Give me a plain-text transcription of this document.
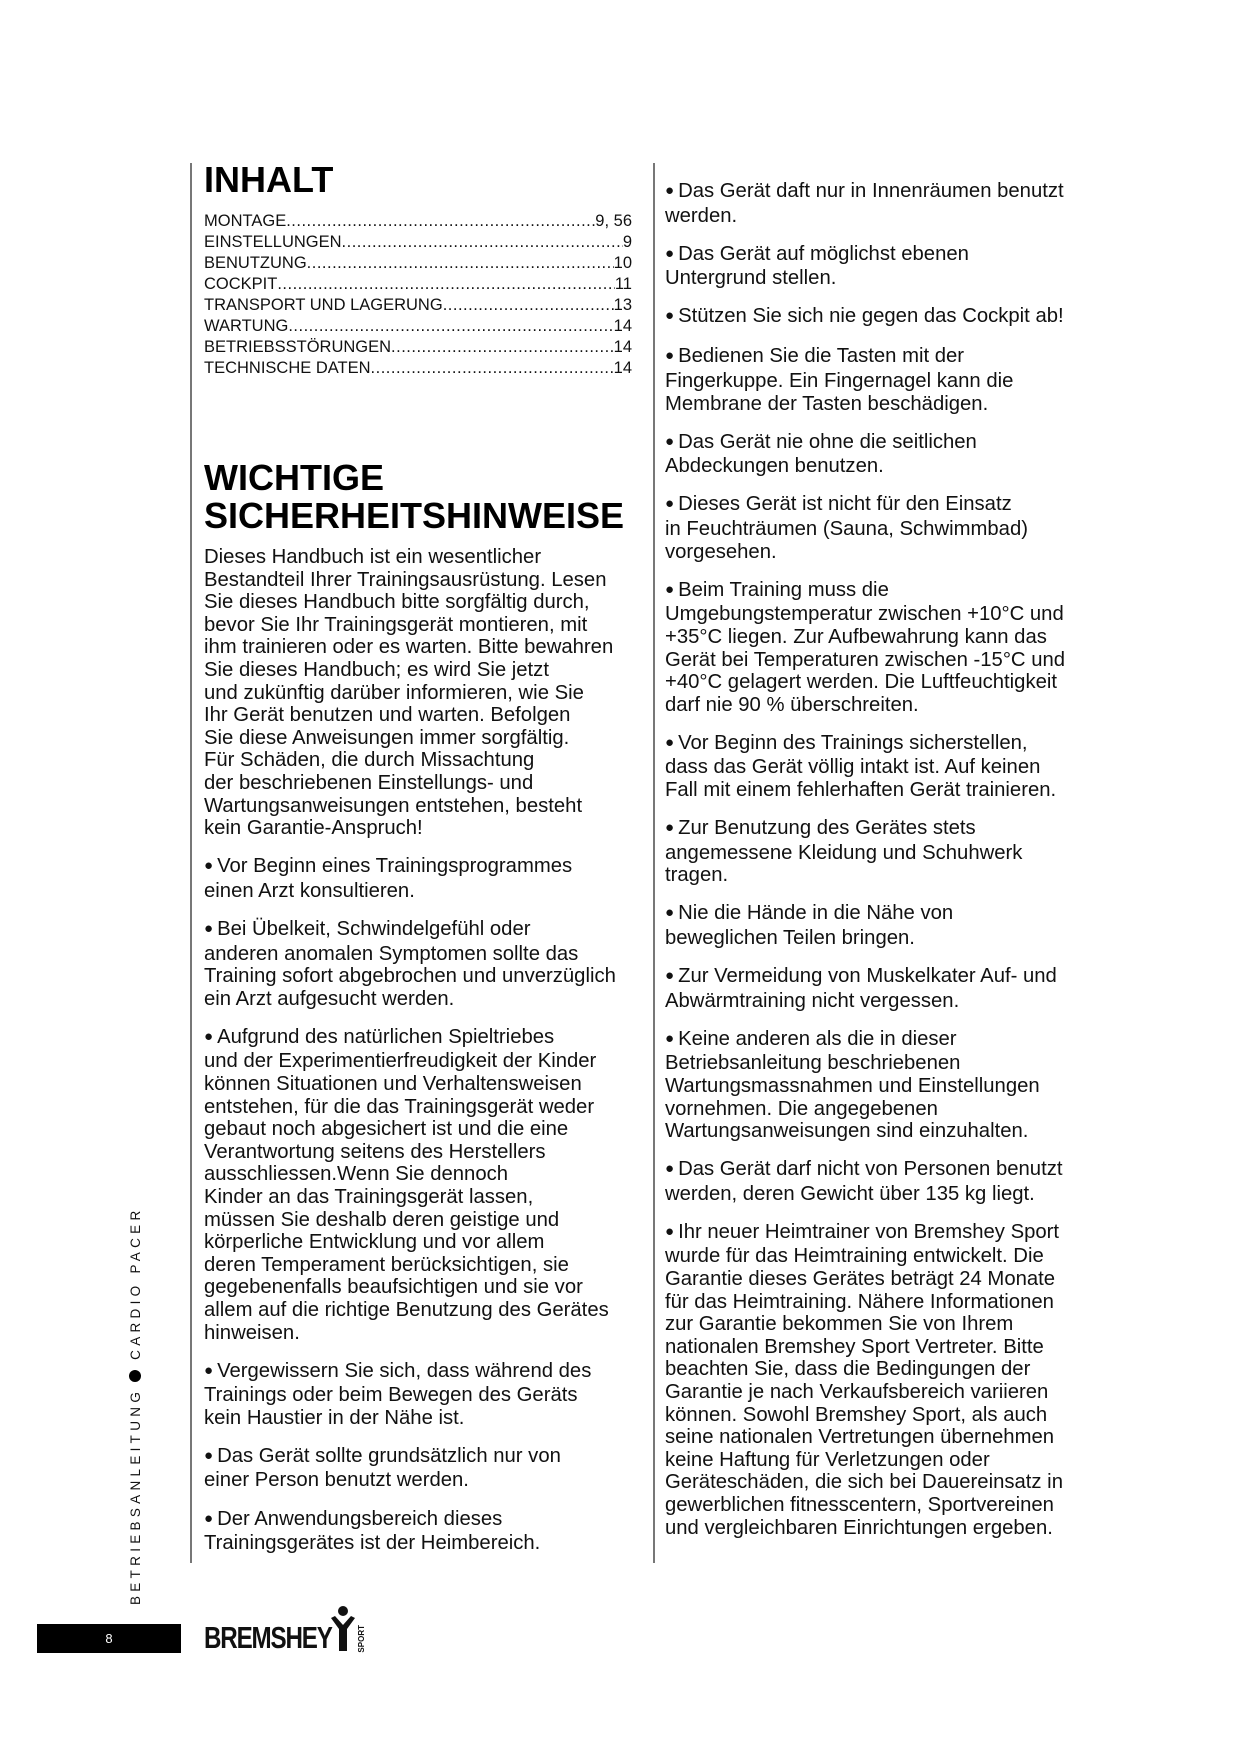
INHALT
MONTAGE .....	9, 56
EINSTELLUNGEN .....	9
BENUTZUNG .....	10
COCKPIT .....	11
TRANSPORT UND LAGERUNG .....	13
WARTUNG .....	14
BETRIEBSSTÖRUNGEN .....	14
TECHNISCHE DATEN .....	14
WICHTIGE
SICHERHEITSHINWEISE

Dieses Handbuch ist ein wesentlicher
Bestandteil Ihrer Trainingsausrüstung. Lesen
Sie dieses Handbuch bitte sorgfältig durch,
bevor Sie Ihr Trainingsgerät montieren, mit
ihm trainieren oder es warten. Bitte bewahren
Sie dieses Handbuch; es wird Sie jetzt
und zukünftig darüber informieren, wie Sie
Ihr Gerät benutzen und warten. Befolgen
Sie diese Anweisungen immer sorgfältig.
Für Schäden, die durch Missachtung
der beschriebenen Einstellungs- und
Wartungsanweisungen entstehen, besteht
kein Garantie-Anspruch!

● Vor Beginn eines Trainingsprogrammes
einen Arzt konsultieren.

● Bei Übelkeit, Schwindelgefühl oder
anderen anomalen Symptomen sollte das
Training sofort abgebrochen und unverzüglich
ein Arzt aufgesucht werden.

● Aufgrund des natürlichen Spieltriebes
und der Experimentierfreudigkeit der Kinder
können Situationen und Verhaltensweisen
entstehen, für die das Trainingsgerät weder
gebaut noch abgesichert ist und die eine
Verantwortung seitens des Herstellers
ausschliessen.Wenn Sie dennoch
Kinder an das Trainingsgerät lassen,
müssen Sie deshalb deren geistige und
körperliche Entwicklung und vor allem
deren Temperament berücksichtigen, sie
gegebenenfalls beaufsichtigen und sie vor
allem auf die richtige Benutzung des Gerätes
hinweisen.

● Vergewissern Sie sich, dass während des
Trainings oder beim Bewegen des Geräts
kein Haustier in der Nähe ist.

● Das Gerät sollte grundsätzlich nur von
einer Person benutzt werden.

● Der Anwendungsbereich dieses
Trainingsgerätes ist der Heimbereich.

● Das Gerät daft nur in Innenräumen benutzt
werden.

● Das Gerät auf möglichst ebenen
Untergrund stellen.

● Stützen Sie sich nie gegen das Cockpit ab!

● Bedienen Sie die Tasten mit der
Fingerkuppe. Ein Fingernagel kann die
Membrane der Tasten beschädigen.

● Das Gerät nie ohne die seitlichen
Abdeckungen benutzen.

● Dieses Gerät ist nicht für den Einsatz
in Feuchträumen (Sauna, Schwimmbad)
vorgesehen.

● Beim Training muss die
Umgebungstemperatur zwischen +10°C und
+35°C liegen. Zur Aufbewahrung kann das
Gerät bei Temperaturen zwischen -15°C und
+40°C gelagert werden. Die Luftfeuchtigkeit
darf nie 90 % überschreiten.

● Vor Beginn des Trainings sicherstellen,
dass das Gerät völlig intakt ist. Auf keinen
Fall mit einem fehlerhaften Gerät trainieren.

● Zur Benutzung des Gerätes stets
angemessene Kleidung und Schuhwerk
tragen.

● Nie die Hände in die Nähe von
beweglichen Teilen bringen.

● Zur Vermeidung von Muskelkater Auf- und
Abwärmtraining nicht vergessen.

● Keine anderen als die in dieser
Betriebsanleitung beschriebenen
Wartungsmassnahmen und Einstellungen
vornehmen. Die angegebenen
Wartungsanweisungen sind einzuhalten.

● Das Gerät darf nicht von Personen benutzt
werden, deren Gewicht über 135 kg liegt.

● Ihr neuer Heimtrainer von Bremshey Sport
wurde für das Heimtraining entwickelt. Die
Garantie dieses Gerätes beträgt 24 Monate
für das Heimtraining. Nähere Informationen
zur Garantie bekommen Sie von Ihrem
nationalen Bremshey Sport Vertreter. Bitte
beachten Sie, dass die Bedingungen der
Garantie je nach Verkaufsbereich variieren
können. Sowohl Bremshey Sport, als auch
seine nationalen Vertretungen übernehmen
keine Haftung für Verletzungen oder
Geräteschäden, die sich bei Dauereinsatz in
gewerblichen fitnesscentern, Sportvereinen
und vergleichbaren Einrichtungen ergeben.

BETRIEBSANLEITUNGCARDIO PACER
8	BREMSHEY	SPORT
